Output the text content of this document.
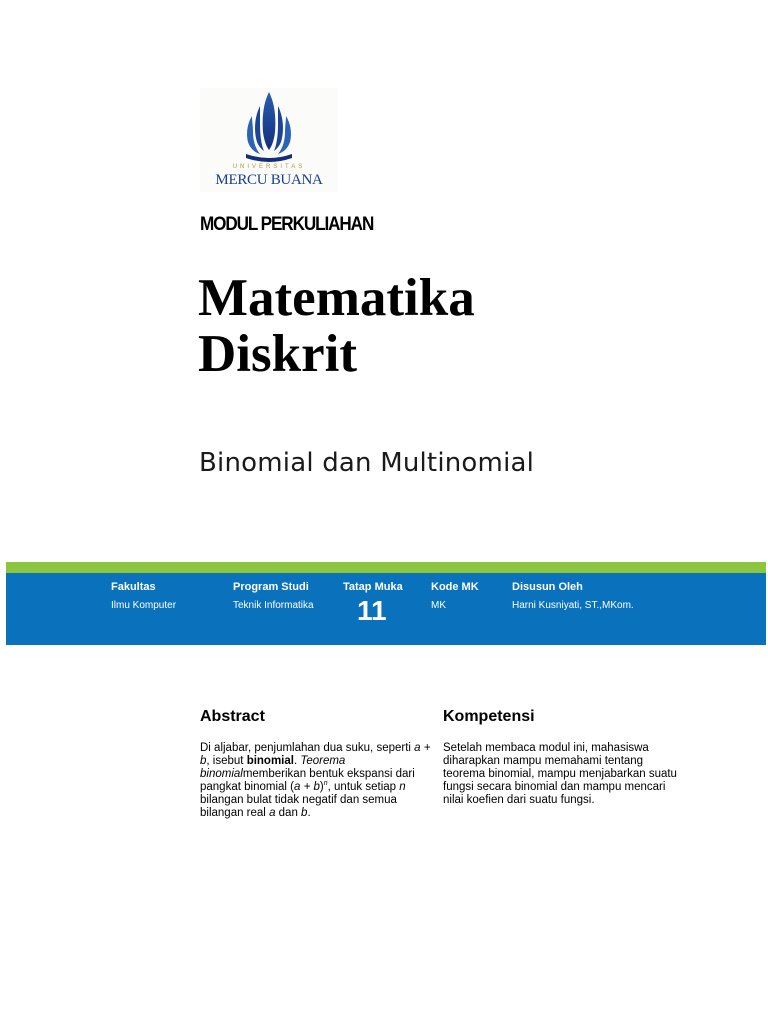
UNIVERSITAS
MERCU BUANA
MODUL PERKULIAHAN
Matematika
Diskrit
Binomial dan Multinomial
Fakultas
Ilmu Komputer
Program Studi
Teknik Informatika
Tatap Muka
11
Kode MK
MK
Disusun Oleh
Harni Kusniyati, ST.,MKom.
Abstract
Di aljabar, penjumlahan dua suku, seperti a + b, isebut binomial. Teorema binomialmemberikan bentuk ekspansi dari pangkat binomial $(a + b)^n$, untuk setiap n bilangan bulat tidak negatif dan semua bilangan real a dan b.
Kompetensi
Setelah membaca modul ini, mahasiswa diharapkan mampu memahami tentang teorema binomial, mampu menjabarkan suatu fungsi secara binomial dan mampu mencari nilai koefien dari suatu fungsi.
